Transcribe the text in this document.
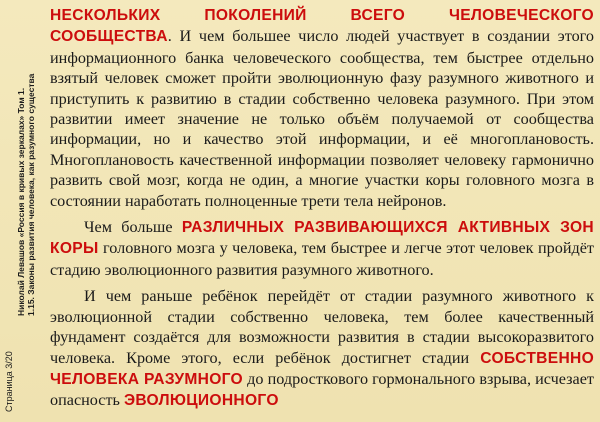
Страница 3/20
Николай Левашов «Россия в кривых зеркалах» Том 1. 1.15. Законы развития человека, как разумного существа

НЕСКОЛЬКИХ ПОКОЛЕНИЙ ВСЕГО ЧЕЛОВЕЧЕСКОГО СООБЩЕСТВА. И чем большее число людей участвует в создании этого информационного банка человеческого сообщества, тем быстрее отдельно взятый человек сможет пройти эволюционную фазу разумного животного и приступить к развитию в стадии собственно человека разумного. При этом развитии имеет значение не только объём получаемой от сообщества информации, но и качество этой информации, и её многоплановость. Многоплановость качественной информации позволяет человеку гармонично развить свой мозг, когда не один, а многие участки коры головного мозга в состоянии наработать полноценные трети тела нейронов.

Чем больше РАЗЛИЧНЫХ РАЗВИВАЮЩИХСЯ АКТИВНЫХ ЗОН КОРЫ головного мозга у человека, тем быстрее и легче этот человек пройдёт стадию эволюционного развития разумного животного.

И чем раньше ребёнок перейдёт от стадии разумного животного к эволюционной стадии собственно человека, тем более качественный фундамент создаётся для возможности развития в стадии высокоразвитого человека. Кроме этого, если ребёнок достигнет стадии СОБСТВЕННО ЧЕЛОВЕКА РАЗУМНОГО до подросткового гормонального взрыва, исчезает опасность ЭВОЛЮЦИОННОГО
